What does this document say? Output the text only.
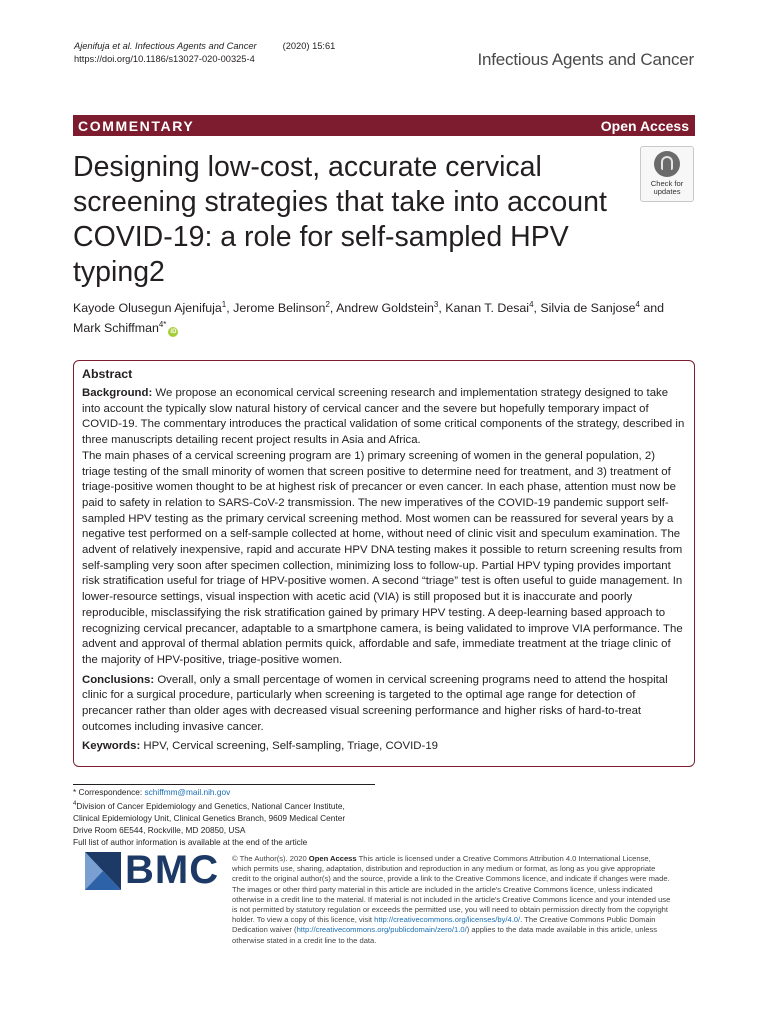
Ajenifuja et al. Infectious Agents and Cancer	(2020) 15:61
https://doi.org/10.1186/s13027-020-00325-4	Infectious Agents and Cancer
COMMENTARY	Open Access
Designing low-cost, accurate cervical screening strategies that take into account COVID-19: a role for self-sampled HPV typing2
Check for
updates
Kayode Olusegun Ajenifuja$^1$, Jerome Belinson$^2$, Andrew Goldstein$^3$, Kanan T. Desai$^4$, Silvia de Sanjose$^4$ and
Mark Schiffman$^{4*}$iD
Abstract

Background: We propose an economical cervical screening research and implementation strategy designed to take into account the typically slow natural history of cervical cancer and the severe but hopefully temporary impact of COVID-19. The commentary introduces the practical validation of some critical components of the strategy, described in three manuscripts detailing recent project results in Asia and Africa.

The main phases of a cervical screening program are 1) primary screening of women in the general population, 2) triage testing of the small minority of women that screen positive to determine need for treatment, and 3) treatment of triage-positive women thought to be at highest risk of precancer or even cancer. In each phase, attention must now be paid to safety in relation to SARS-CoV-2 transmission. The new imperatives of the COVID-19 pandemic support self-sampled HPV testing as the primary cervical screening method. Most women can be reassured for several years by a negative test performed on a self-sample collected at home, without need of clinic visit and speculum examination. The advent of relatively inexpensive, rapid and accurate HPV DNA testing makes it possible to return screening results from self-sampling very soon after specimen collection, minimizing loss to follow-up. Partial HPV typing provides important risk stratification useful for triage of HPV-positive women. A second “triage” test is often useful to guide management. In lower-resource settings, visual inspection with acetic acid (VIA) is still proposed but it is inaccurate and poorly reproducible, misclassifying the risk stratification gained by primary HPV testing. A deep-learning based approach to recognizing cervical precancer, adaptable to a smartphone camera, is being validated to improve VIA performance. The advent and approval of thermal ablation permits quick, affordable and safe, immediate treatment at the triage clinic of the majority of HPV-positive, triage-positive women.

Conclusions: Overall, only a small percentage of women in cervical screening programs need to attend the hospital clinic for a surgical procedure, particularly when screening is targeted to the optimal age range for detection of precancer rather than older ages with decreased visual screening performance and higher risks of hard-to-treat outcomes including invasive cancer.

Keywords: HPV, Cervical screening, Self-sampling, Triage, COVID-19

* Correspondence: schiffmm@mail.nih.gov
$^4$Division of Cancer Epidemiology and Genetics, National Cancer Institute,
Clinical Epidemiology Unit, Clinical Genetics Branch, 9609 Medical Center
Drive Room 6E544, Rockville, MD 20850, USA
Full list of author information is available at the end of the article
BMC © The Author(s). 2020 Open Access This article is licensed under a Creative Commons Attribution 4.0 International License, which permits use, sharing, adaptation, distribution and reproduction in any medium or format, as long as you give appropriate credit to the original author(s) and the source, provide a link to the Creative Commons licence, and indicate if changes were made. The images or other third party material in this article are included in the article's Creative Commons licence, unless indicated otherwise in a credit line to the material. If material is not included in the article's Creative Commons licence and your intended use is not permitted by statutory regulation or exceeds the permitted use, you will need to obtain permission directly from the copyright holder. To view a copy of this licence, visit http://creativecommons.org/licenses/by/4.0/. The Creative Commons Public Domain Dedication waiver (http://creativecommons.org/publicdomain/zero/1.0/) applies to the data made available in this article, unless otherwise stated in a credit line to the data.
